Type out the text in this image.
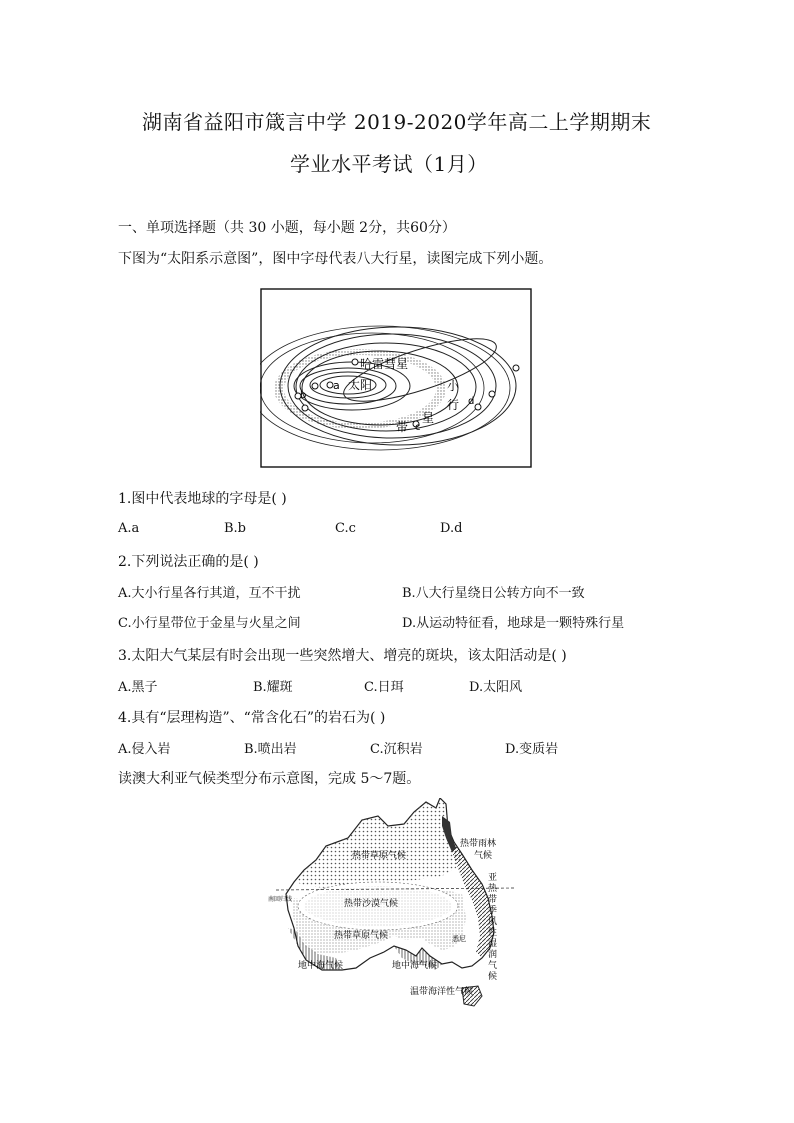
湖南省益阳市箴言中学 2019-2020学年高二上学期期末
学业水平考试（1月）
一、单项选择题（共 30 小题，每小题 2分，共60分）
下图为“太阳系示意图”，图中字母代表八大行星，读图完成下列小题。
哈雷彗星
a 太阳
b
c
d
小
行
星
带
1.图中代表地球的字母是( )
A.a	B.b	C.c	D.d
2.下列说法正确的是( )
A.大小行星各行其道，互不干扰	B.八大行星绕日公转方向不一致
C.小行星带位于金星与火星之间	D.从运动特征看，地球是一颗特殊行星
3.太阳大气某层有时会出现一些突然增大、增亮的斑块，该太阳活动是( )
A.黑子	B.耀斑	C.日珥	D.太阳风
4.具有“层理构造”、“常含化石”的岩石为( )
A.侵入岩	B.喷出岩	C.沉积岩	D.变质岩
读澳大利亚气候类型分布示意图，完成 5～7题。
热带草原气候
热带沙漠气候
热带草原气候
地中海气候	地中海气候
温带海洋性气候
热带雨林
气候
南回归线
悉尼
亚
热
带
季
风
性
湿
润
气
候
